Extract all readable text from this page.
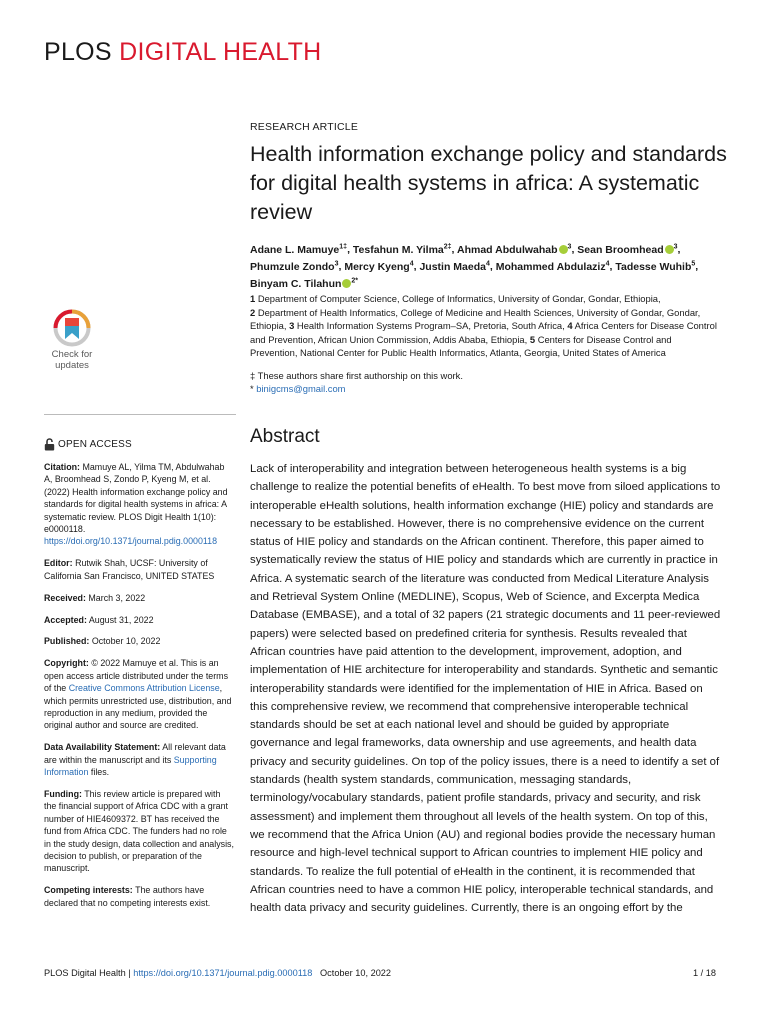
PLOS DIGITAL HEALTH
RESEARCH ARTICLE
Health information exchange policy and standards for digital health systems in africa: A systematic review
Adane L. Mamuye$^{1\ddagger}$, Tesfahun M. Yilma$^{2\ddagger}$, Ahmad Abdulwahab $^3$, Sean Broomhead $^3$, Phumzule Zondo$^3$, Mercy Kyeng$^4$, Justin Maeda$^4$, Mohammed Abdulaziz$^4$, Tadesse Wuhib$^5$, Binyam C. Tilahun $^{2*}$
1 Department of Computer Science, College of Informatics, University of Gondar, Gondar, Ethiopia,
2 Department of Health Informatics, College of Medicine and Health Sciences, University of Gondar, Gondar, Ethiopia, 3 Health Information Systems Program–SA, Pretoria, South Africa, 4 Africa Centers for Disease Control and Prevention, African Union Commission, Addis Ababa, Ethiopia, 5 Centers for Disease Control and Prevention, National Center for Public Health Informatics, Atlanta, Georgia, United States of America
‡ These authors share first authorship on this work.
* binigcms@gmail.com
Check for
updates
OPEN ACCESS

Citation: Mamuye AL, Yilma TM, Abdulwahab A, Broomhead S, Zondo P, Kyeng M, et al. (2022) Health information exchange policy and standards for digital health systems in africa: A systematic review. PLOS Digit Health 1(10): e0000118. https://doi.org/10.1371/journal.pdig.0000118

Editor: Rutwik Shah, UCSF: University of California San Francisco, UNITED STATES

Received: March 3, 2022

Accepted: August 31, 2022

Published: October 10, 2022

Copyright: © 2022 Mamuye et al. This is an open access article distributed under the terms of the Creative Commons Attribution License, which permits unrestricted use, distribution, and reproduction in any medium, provided the original author and source are credited.

Data Availability Statement: All relevant data are within the manuscript and its Supporting Information files.

Funding: This review article is prepared with the financial support of Africa CDC with a grant number of HIE4609372. BT has received the fund from Africa CDC. The funders had no role in the study design, data collection and analysis, decision to publish, or preparation of the manuscript.

Competing interests: The authors have declared that no competing interests exist.

Abstract
Lack of interoperability and integration between heterogeneous health systems is a big challenge to realize the potential benefits of eHealth. To best move from siloed applications to interoperable eHealth solutions, health information exchange (HIE) policy and standards are necessary to be established. However, there is no comprehensive evidence on the current status of HIE policy and standards on the African continent. Therefore, this paper aimed to systematically review the status of HIE policy and standards which are currently in practice in Africa. A systematic search of the literature was conducted from Medical Literature Analysis and Retrieval System Online (MEDLINE), Scopus, Web of Science, and Excerpta Medica Database (EMBASE), and a total of 32 papers (21 strategic documents and 11 peer-reviewed papers) were selected based on predefined criteria for synthesis. Results revealed that African countries have paid attention to the development, improvement, adoption, and implementation of HIE architecture for interoperability and standards. Synthetic and semantic interoperability standards were identified for the implementation of HIE in Africa. Based on this comprehensive review, we recommend that comprehensive interoperable technical standards should be set at each national level and should be guided by appropriate governance and legal frameworks, data ownership and use agreements, and health data privacy and security guidelines. On top of the policy issues, there is a need to identify a set of standards (health system standards, communication, messaging standards, terminology/vocabulary standards, patient profile standards, privacy and security, and risk assessment) and implement them throughout all levels of the health system. On top of this, we recommend that the Africa Union (AU) and regional bodies provide the necessary human resource and high-level technical support to African countries to implement HIE policy and standards. To realize the full potential of eHealth in the continent, it is recommended that African countries need to have a common HIE policy, interoperable technical standards, and health data privacy and security guidelines. Currently, there is an ongoing effort by the
PLOS Digital Health | https://doi.org/10.1371/journal.pdig.0000118 October 10, 2022	1 / 18
